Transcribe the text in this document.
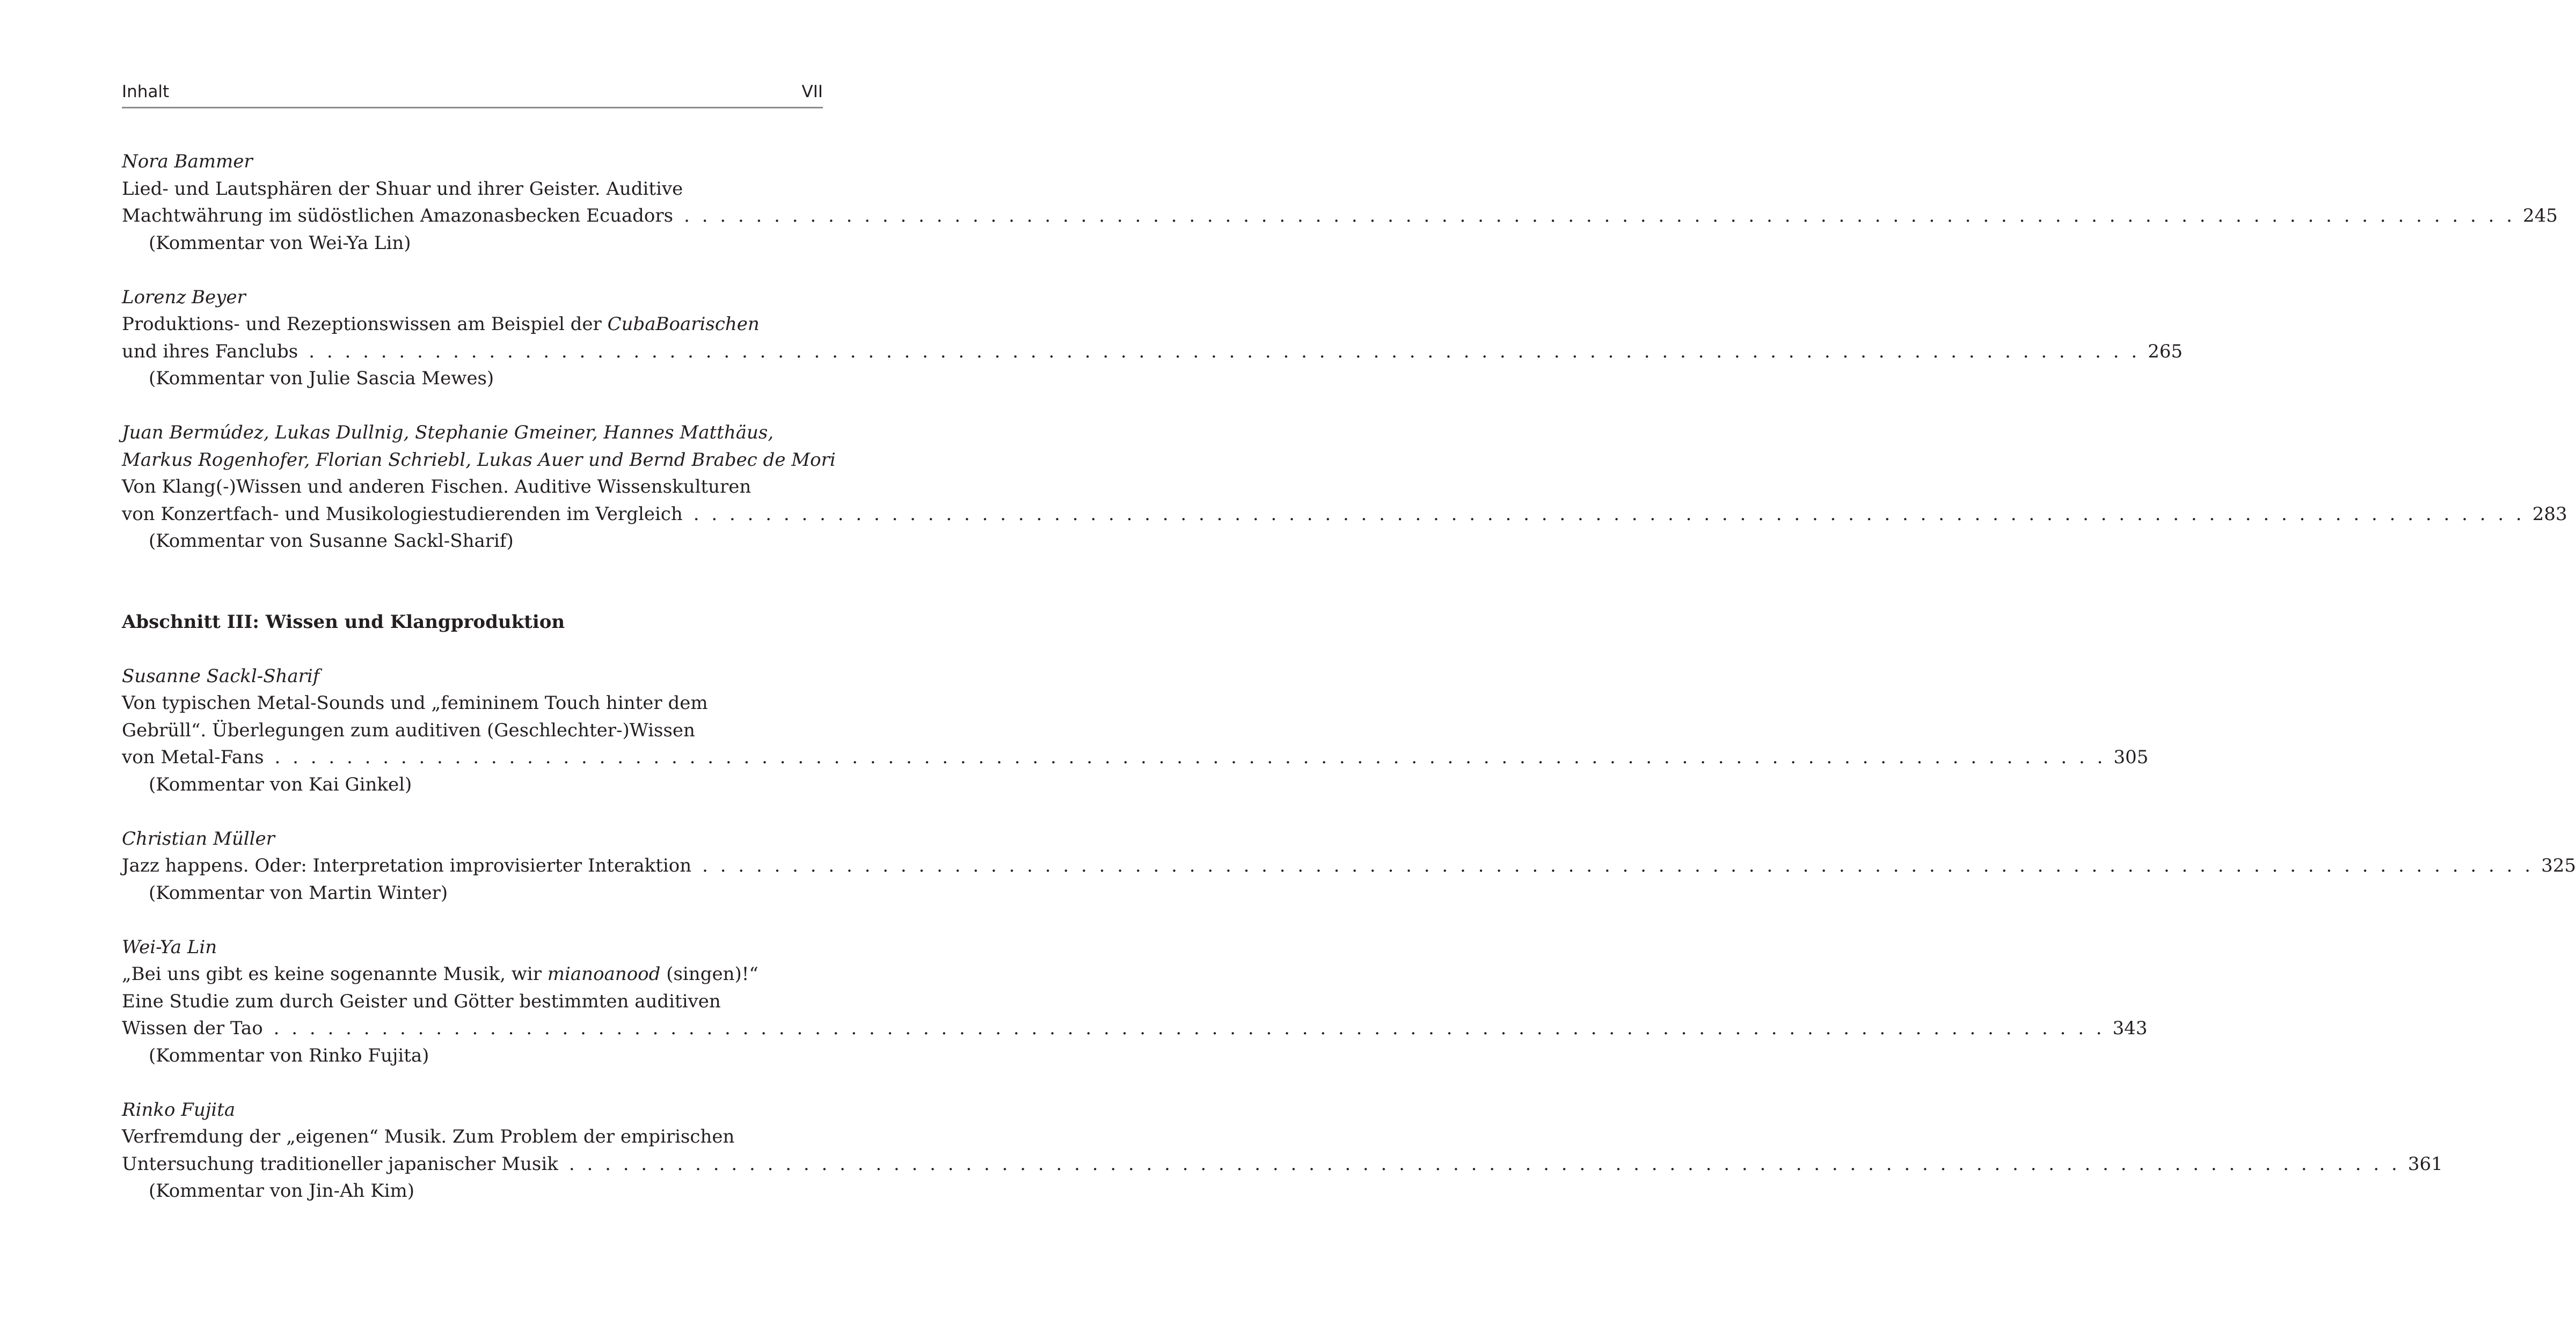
Inhalt	VII
Nora Bammer
Lied- und Lautsphären der Shuar und ihrer Geister. Auditive
Machtwährung im südöstlichen Amazonasbecken Ecuadors . . . . . . . . . . . . . . . . . . . . . . . . . . . . . . . . . . . . . . . . . . . . . . . . . . . . . . . . . . . . . . . . . . . . . . . . . . . . . . . . . . . . . . . . . . . . . . . . . . . . . . 245
(Kommentar von Wei-Ya Lin)
Lorenz Beyer
Produktions- und Rezeptionswissen am Beispiel der CubaBoarischen
und ihres Fanclubs . . . . . . . . . . . . . . . . . . . . . . . . . . . . . . . . . . . . . . . . . . . . . . . . . . . . . . . . . . . . . . . . . . . . . . . . . . . . . . . . . . . . . . . . . . . . . . . . . . . . . . 265
(Kommentar von Julie Sascia Mewes)
Juan Bermúdez, Lukas Dullnig, Stephanie Gmeiner, Hannes Matthäus,
Markus Rogenhofer, Florian Schriebl, Lukas Auer und Bernd Brabec de Mori
Von Klang(-)Wissen und anderen Fischen. Auditive Wissenskulturen
von Konzertfach- und Musikologiestudierenden im Vergleich . . . . . . . . . . . . . . . . . . . . . . . . . . . . . . . . . . . . . . . . . . . . . . . . . . . . . . . . . . . . . . . . . . . . . . . . . . . . . . . . . . . . . . . . . . . . . . . . . . . . . . 283
(Kommentar von Susanne Sackl-Sharif)
Abschnitt III: Wissen und Klangproduktion
Susanne Sackl-Sharif
Von typischen Metal-Sounds und „femininem Touch hinter dem
Gebrüll“. Überlegungen zum auditiven (Geschlechter-)Wissen
von Metal-Fans . . . . . . . . . . . . . . . . . . . . . . . . . . . . . . . . . . . . . . . . . . . . . . . . . . . . . . . . . . . . . . . . . . . . . . . . . . . . . . . . . . . . . . . . . . . . . . . . . . . . . . 305
(Kommentar von Kai Ginkel)
Christian Müller
Jazz happens. Oder: Interpretation improvisierter Interaktion . . . . . . . . . . . . . . . . . . . . . . . . . . . . . . . . . . . . . . . . . . . . . . . . . . . . . . . . . . . . . . . . . . . . . . . . . . . . . . . . . . . . . . . . . . . . . . . . . . . . . . 325
(Kommentar von Martin Winter)
Wei-Ya Lin
„Bei uns gibt es keine sogenannte Musik, wir mianoanood (singen)!“
Eine Studie zum durch Geister und Götter bestimmten auditiven
Wissen der Tao . . . . . . . . . . . . . . . . . . . . . . . . . . . . . . . . . . . . . . . . . . . . . . . . . . . . . . . . . . . . . . . . . . . . . . . . . . . . . . . . . . . . . . . . . . . . . . . . . . . . . . 343
(Kommentar von Rinko Fujita)
Rinko Fujita
Verfremdung der „eigenen“ Musik. Zum Problem der empirischen
Untersuchung traditioneller japanischer Musik . . . . . . . . . . . . . . . . . . . . . . . . . . . . . . . . . . . . . . . . . . . . . . . . . . . . . . . . . . . . . . . . . . . . . . . . . . . . . . . . . . . . . . . . . . . . . . . . . . . . . . 361
(Kommentar von Jin-Ah Kim)
